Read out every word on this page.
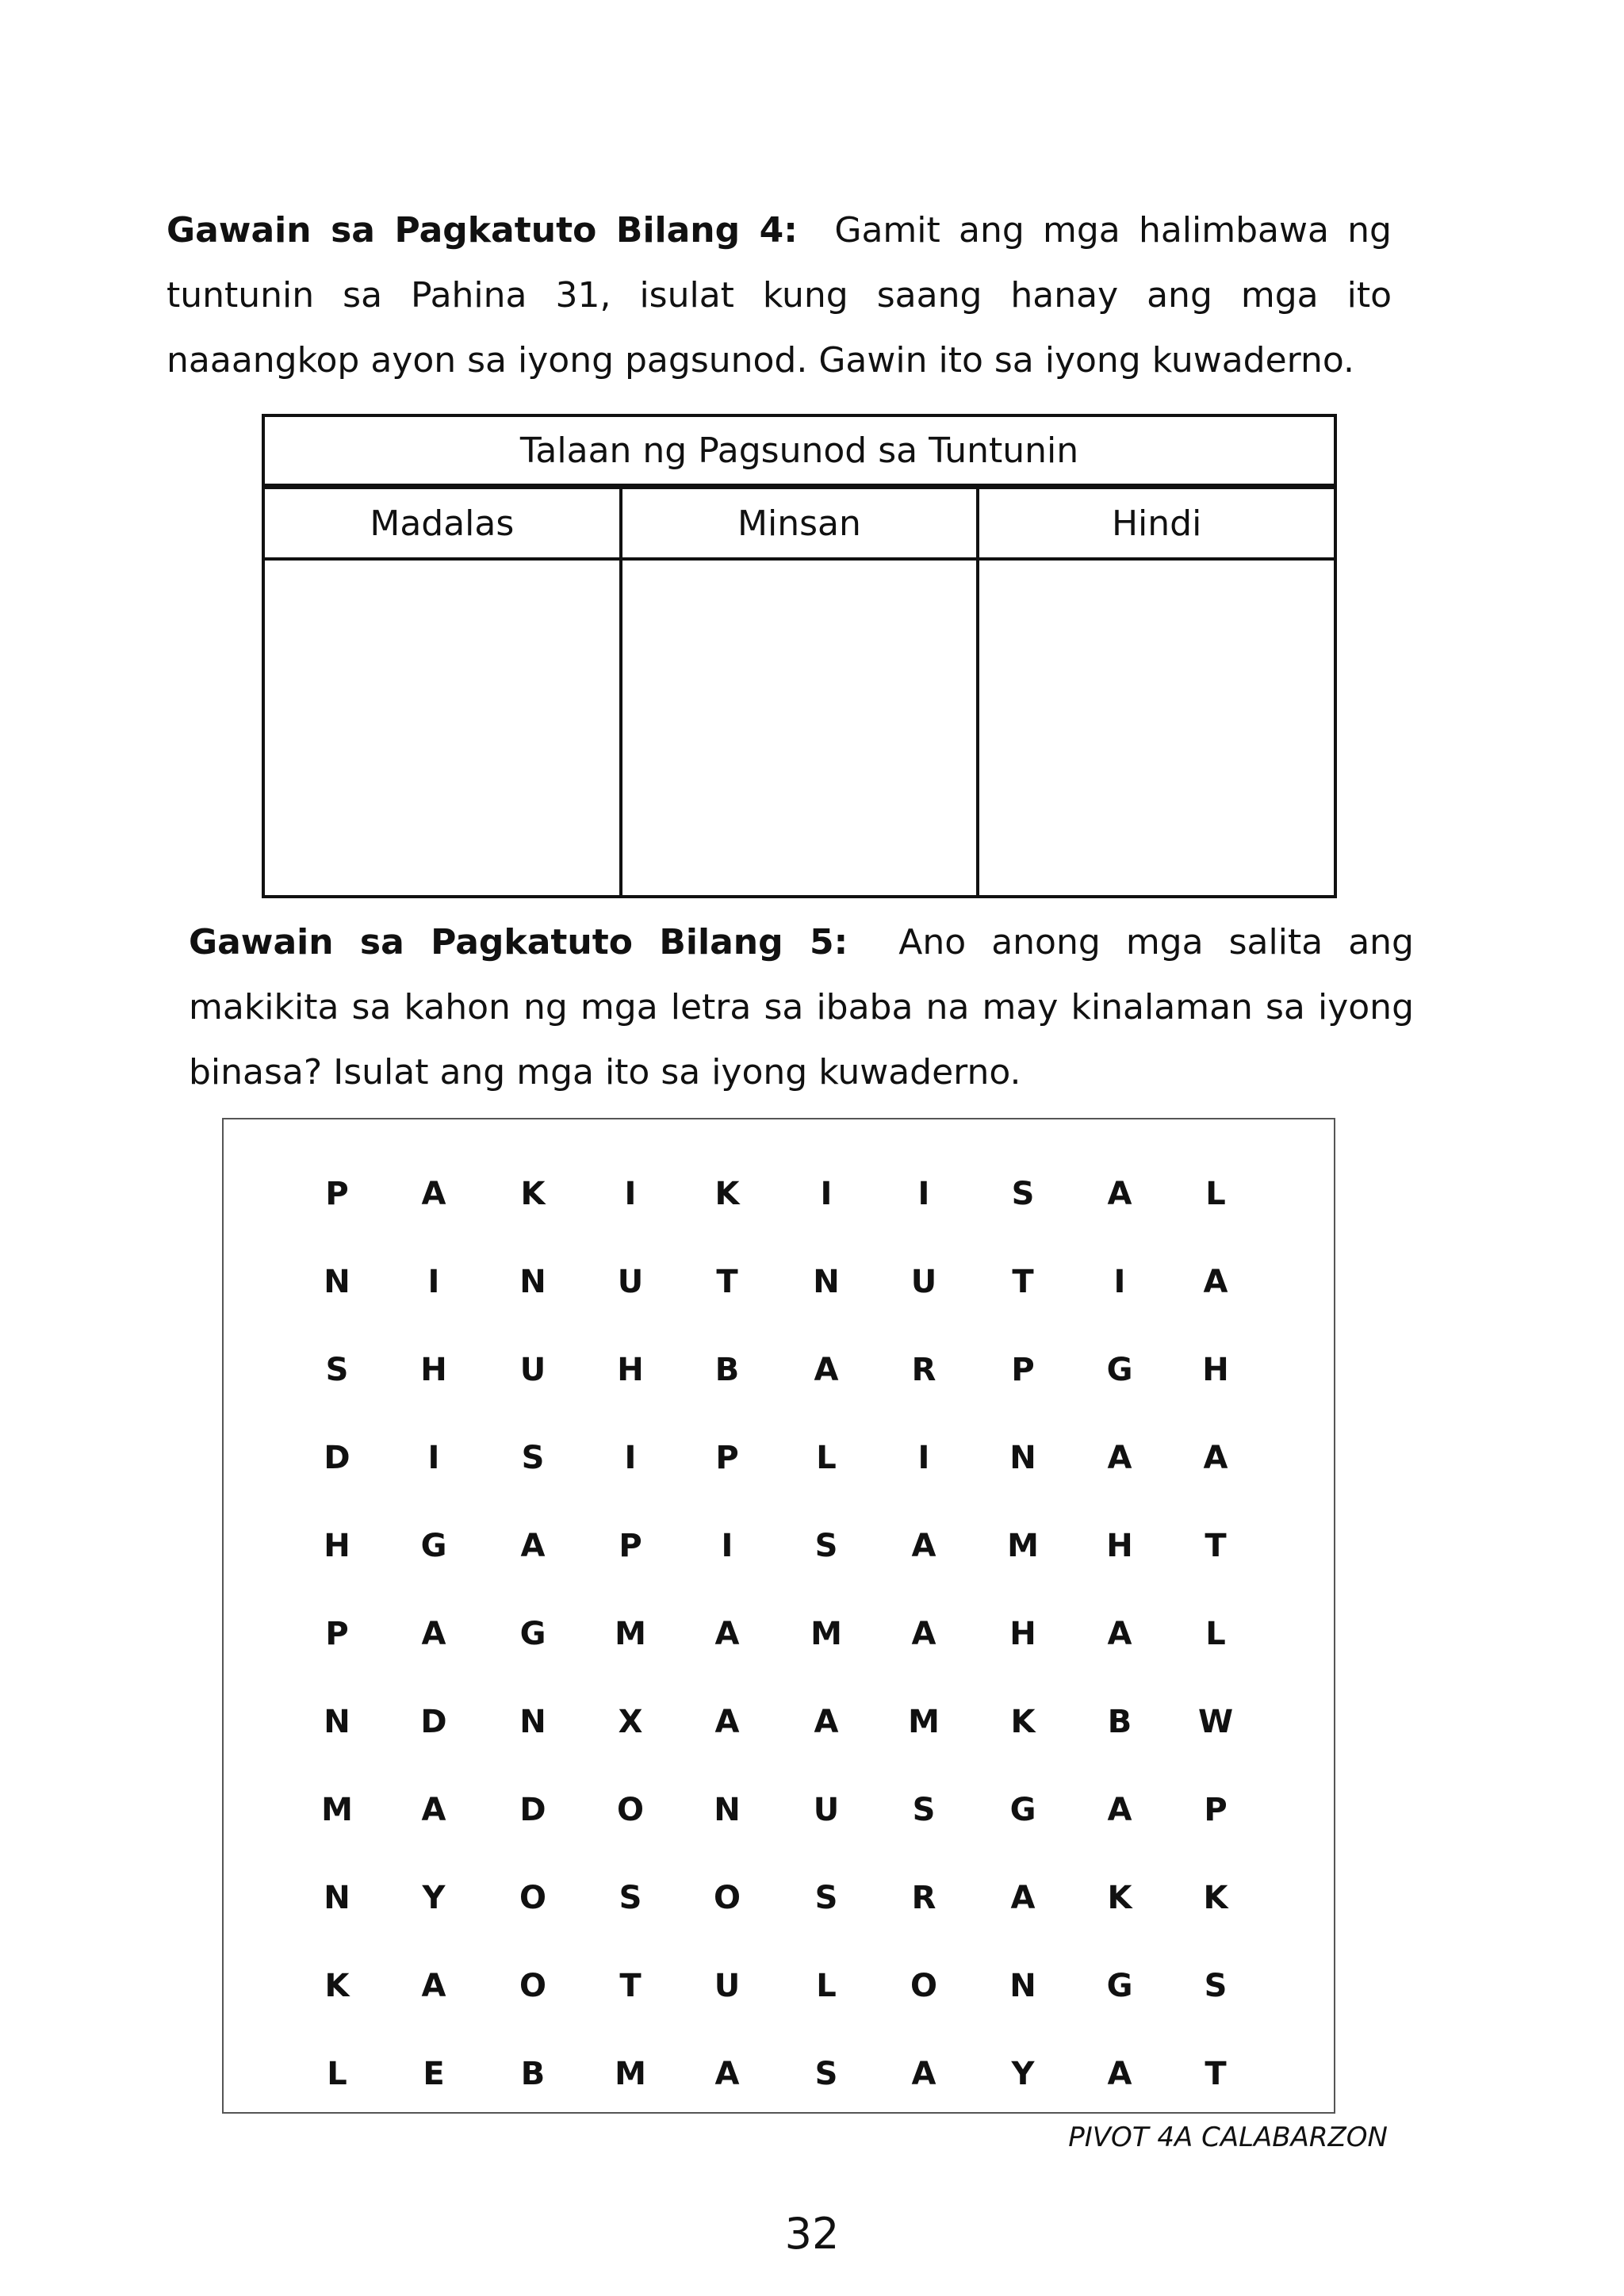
Gawain sa Pagkatuto Bilang 4: Gamit ang mga halimbawa ng tuntunin sa Pahina 31, isulat kung saang hanay ang mga ito naaangkop ayon sa iyong pagsunod. Gawin ito sa iyong kuwaderno.

Talaan ng Pagsunod sa Tuntunin		
Madalas	Minsan	Hindi

Gawain sa Pagkatuto Bilang 5: Ano anong mga salita ang makikita sa kahon ng mga letra sa ibaba na may kinalaman sa iyong binasa? Isulat ang mga ito sa iyong kuwaderno.

P	A	K	I	K	I	I	S	A	L
N	I	N	U	T	N	U	T	I	A
S	H	U	H	B	A	R	P	G	H
D	I	S	I	P	L	I	N	A	A
H	G	A	P	I	S	A	M	H	T
P	A	G	M	A	M	A	H	A	L
N	D	N	X	A	A	M	K	B	W
M	A	D	O	N	U	S	G	A	P
N	Y	O	S	O	S	R	A	K	K
K	A	O	T	U	L	O	N	G	S
L	E	B	M	A	S	A	Y	A	T
PIVOT 4A CALABARZON
32
